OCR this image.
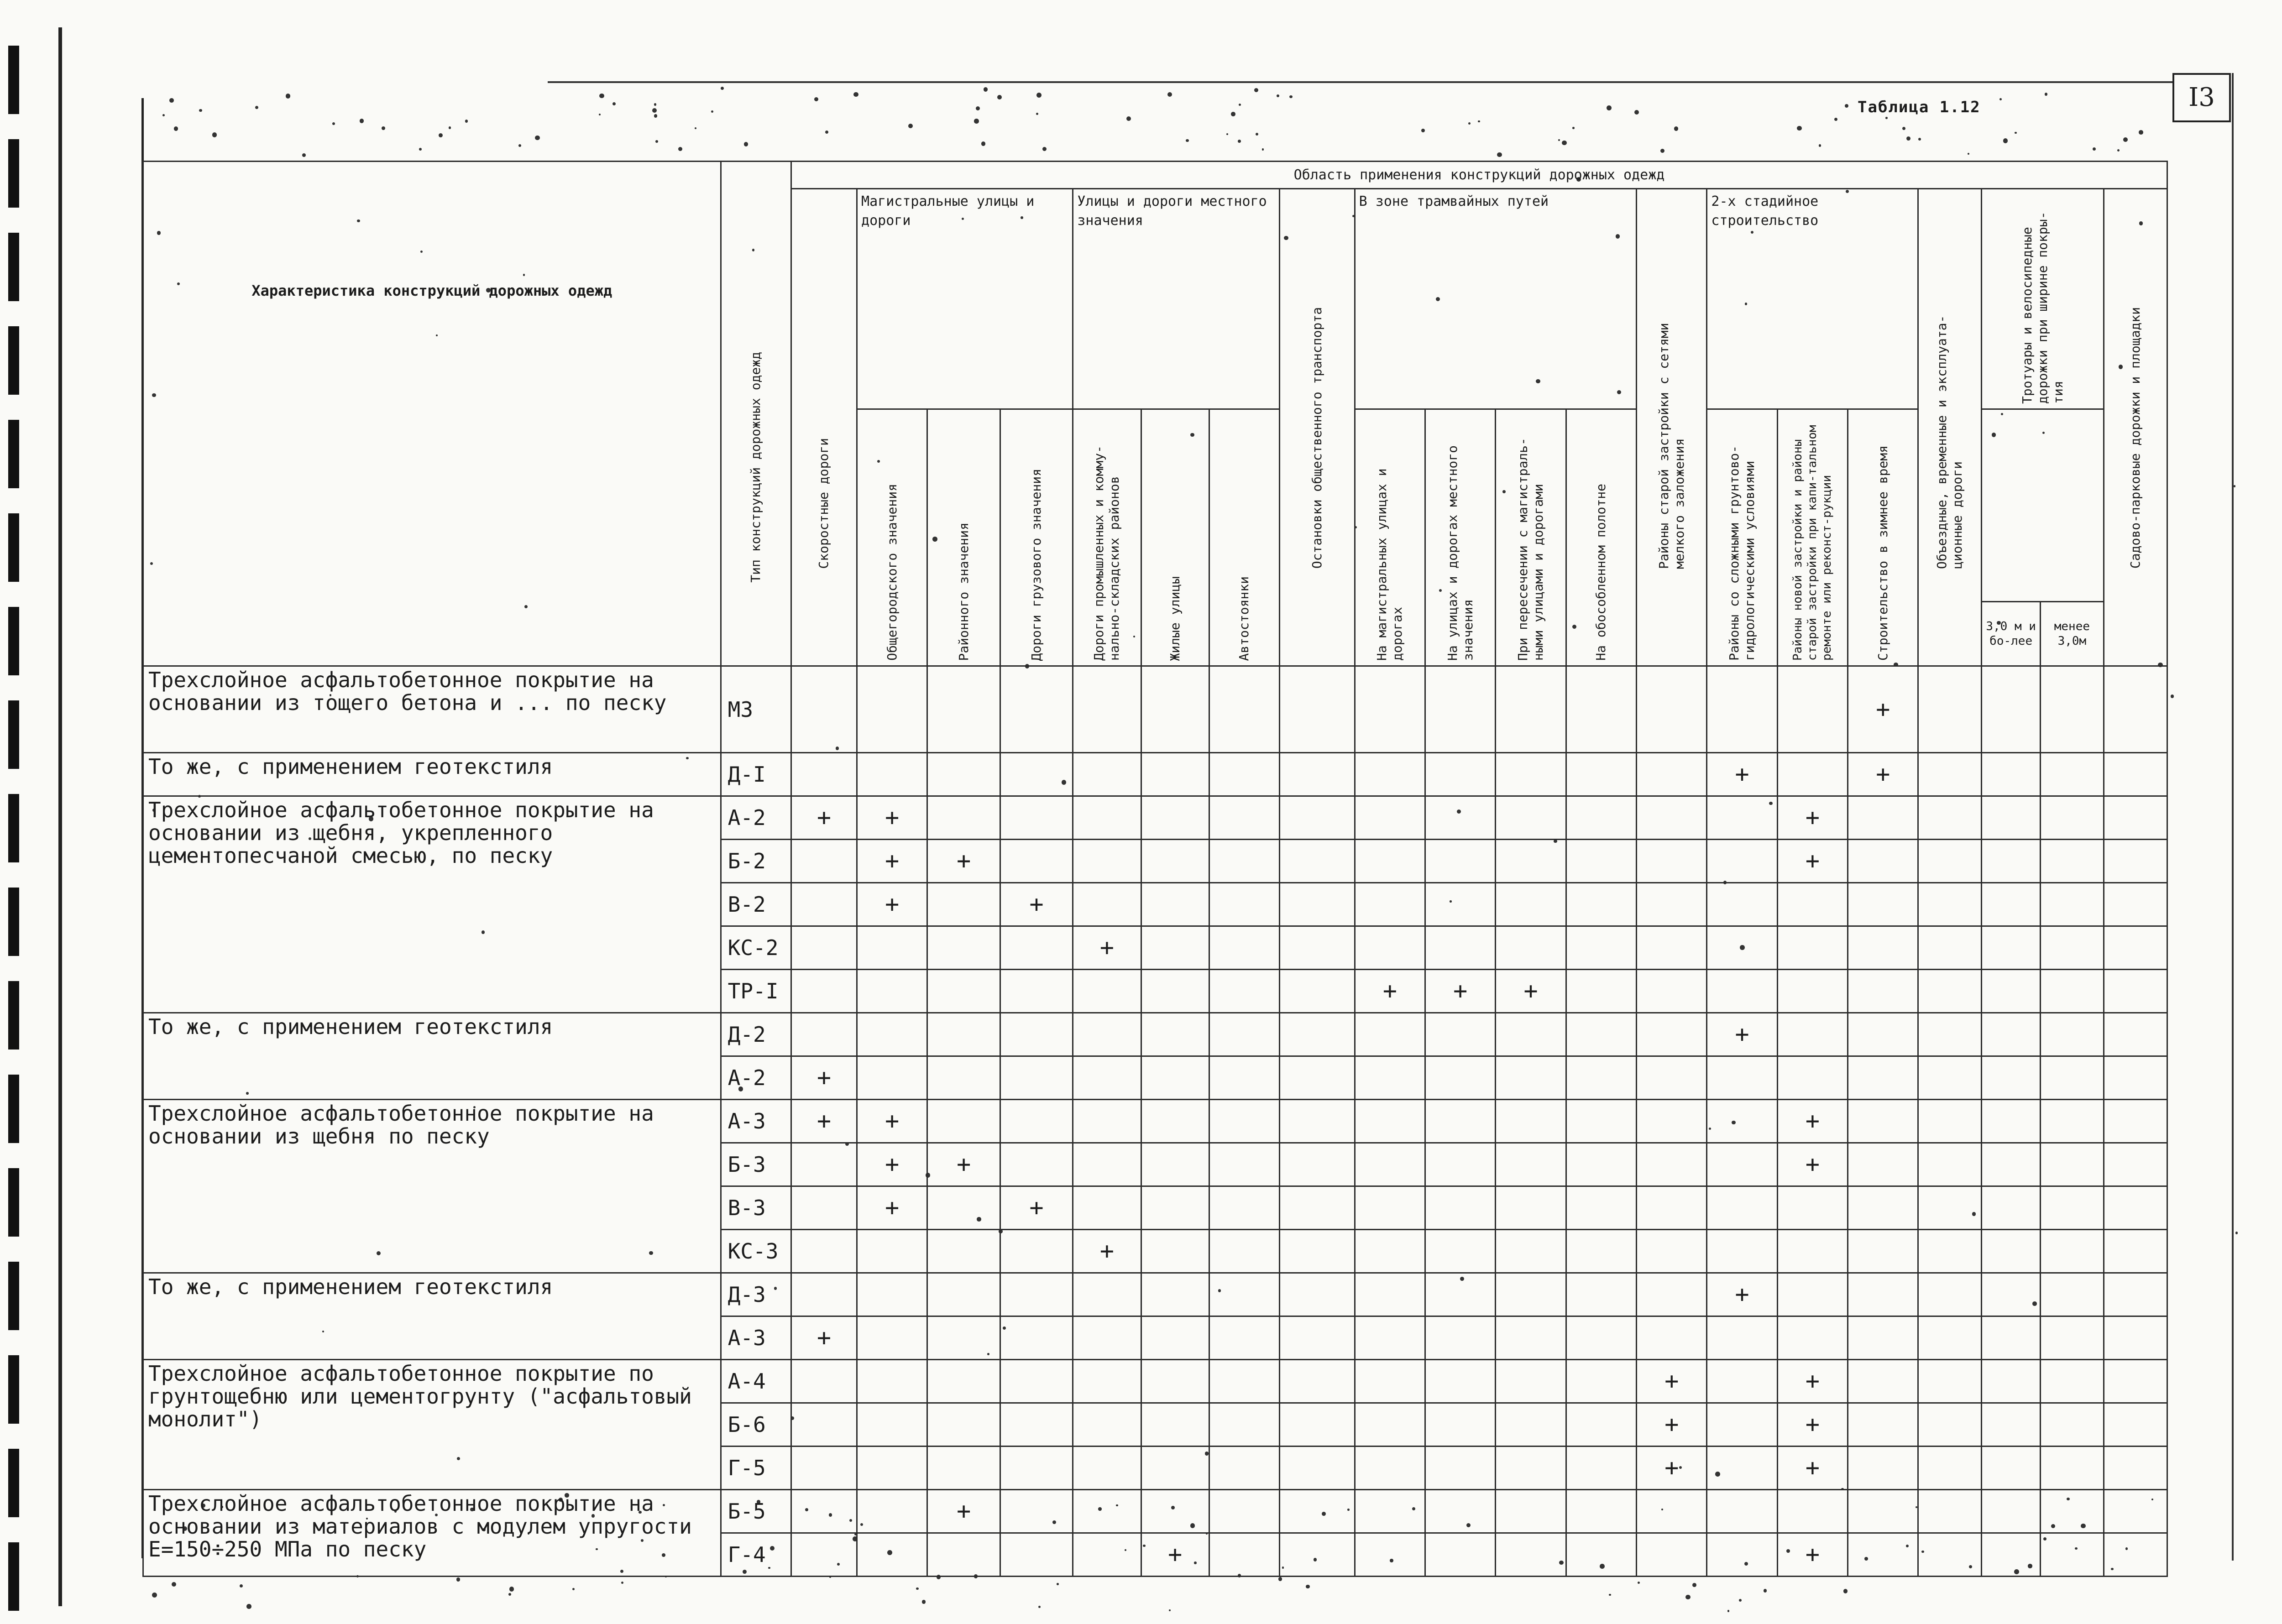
I3
Таблица 1.12
Характеристика конструкций дорожных одежд	Тип конструкций дорожных одежд	Область применения конструкций дорожных одежд																			

		Скоростные дороги	Магистральные улицы и дороги			Улицы и дороги местного значения			Остановки общественного транспорта	В зоне трамвайных путей				Районы старой застройки с сетями мелкого заложения	2-х стадийное строительство			Объездные, временные и эксплуата-ционные дороги	Тротуары и велосипедные дорожки при ширине покры-тия		Садово-парковые дорожки и площадки

			Общегородского значения	Районного значения	Дороги грузового значения	Дороги промышленных и комму-нально-складских районов	Жилые улицы	Автостоянки		На магистральных улицах и дорогах	На улицах и дорогах местного значения	При пересечении с магистраль-ными улицами и дорогами	На обособленном полотне		Районы со сложными грунтово-гидрологическими условиями	Районы новой застройки и районы старой застройки при капи-тальном ремонте или реконст-рукции	Строительство в зимнее время				

																			3,0 м и бо-лее	менее 3,0м	
Трехслойное асфальтобетонное покрытие на основании из тощего бетона и ... по песку	М3																+				
То же, с применением геотекстиля	Д-I														+		+				
Трехслойное асфальтобетонное покрытие на основании из щебня, укрепленного цементопесчаной смесью, по песку	А-2	+	+													+					
	Б-2		+	+												+					
	В-2		+		+																
	КС-2					+															
	ТР-I									+	+	+									
То же, с применением геотекстиля	Д-2														+						
	А-2	+																			
Трехслойное асфальтобетонное покрытие на основании из щебня по песку	А-3	+	+													+					
	Б-3		+	+												+					
	В-3		+		+																
	КС-3					+															
То же, с применением геотекстиля	Д-3														+						
	А-3	+																			
Трехслойное асфальтобетонное покрытие по грунтощебню или цементогрунту ("асфальтовый монолит")	А-4													+		+					
	Б-6													+		+					
	Г-5													+		+					
Трехслойное асфальтобетонное покрытие на основании из материалов с модулем упругости Е=150÷250 МПа по песку	Б-5			+																	
	Г-4						+									+					
